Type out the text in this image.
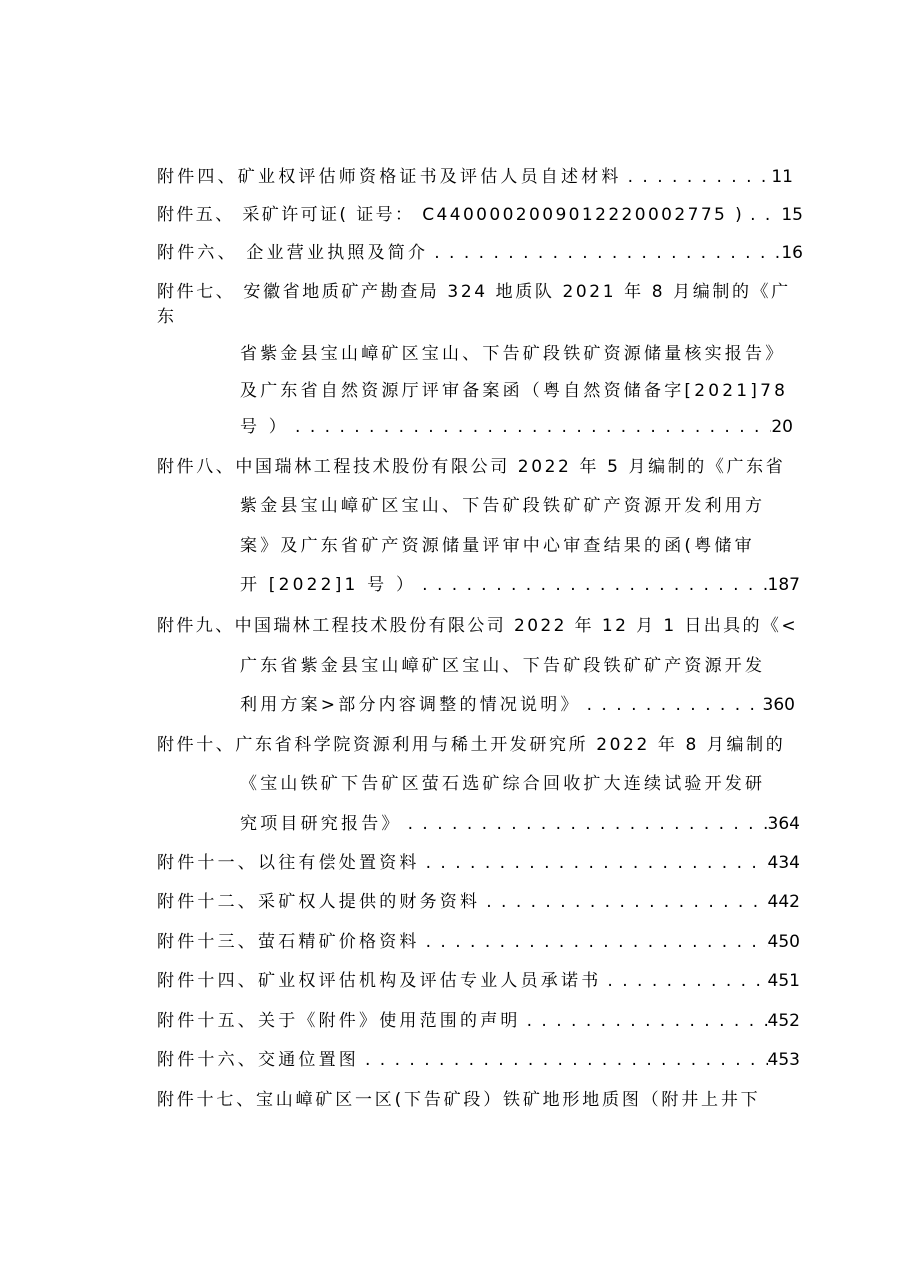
附件四、矿业权评估师资格证书及评估人员自述材料 . . .	11
附件五、 采矿许可证( 证号： C4400002009012220002775 ) . . . 15
附件六、 企业营业执照及简介 . . .	16
附件七、 安徽省地质矿产勘查局 324 地质队 2021 年 8 月编制的《广
东
省紫金县宝山嶂矿区宝山、下告矿段铁矿资源储量核实报告》
及广东省自然资源厅评审备案函（粤自然资储备字[2021]78
号 ） . . .	20
附件八、中国瑞林工程技术股份有限公司 2022 年 5 月编制的《广东省
紫金县宝山嶂矿区宝山、下告矿段铁矿矿产资源开发利用方
案》及广东省矿产资源储量评审中心审查结果的函(粤储审
开 [2022]1 号 ） . . .	187
附件九、中国瑞林工程技术股份有限公司 2022 年 12 月 1 日出具的《<
广东省紫金县宝山嶂矿区宝山、下告矿段铁矿矿产资源开发
利用方案>部分内容调整的情况说明》 . . .	360
附件十、广东省科学院资源利用与稀土开发研究所 2022 年 8 月编制的
《宝山铁矿下告矿区萤石选矿综合回收扩大连续试验开发研
究项目研究报告》 . . .	364
附件十一、以往有偿处置资料 . . .	434
附件十二、采矿权人提供的财务资料 . . .	442
附件十三、萤石精矿价格资料 . . .	450
附件十四、矿业权评估机构及评估专业人员承诺书 . . .	451
附件十五、关于《附件》使用范围的声明 . . .	452
附件十六、交通位置图 . . .	453
附件十七、宝山嶂矿区一区(下告矿段）铁矿地形地质图（附井上井下
